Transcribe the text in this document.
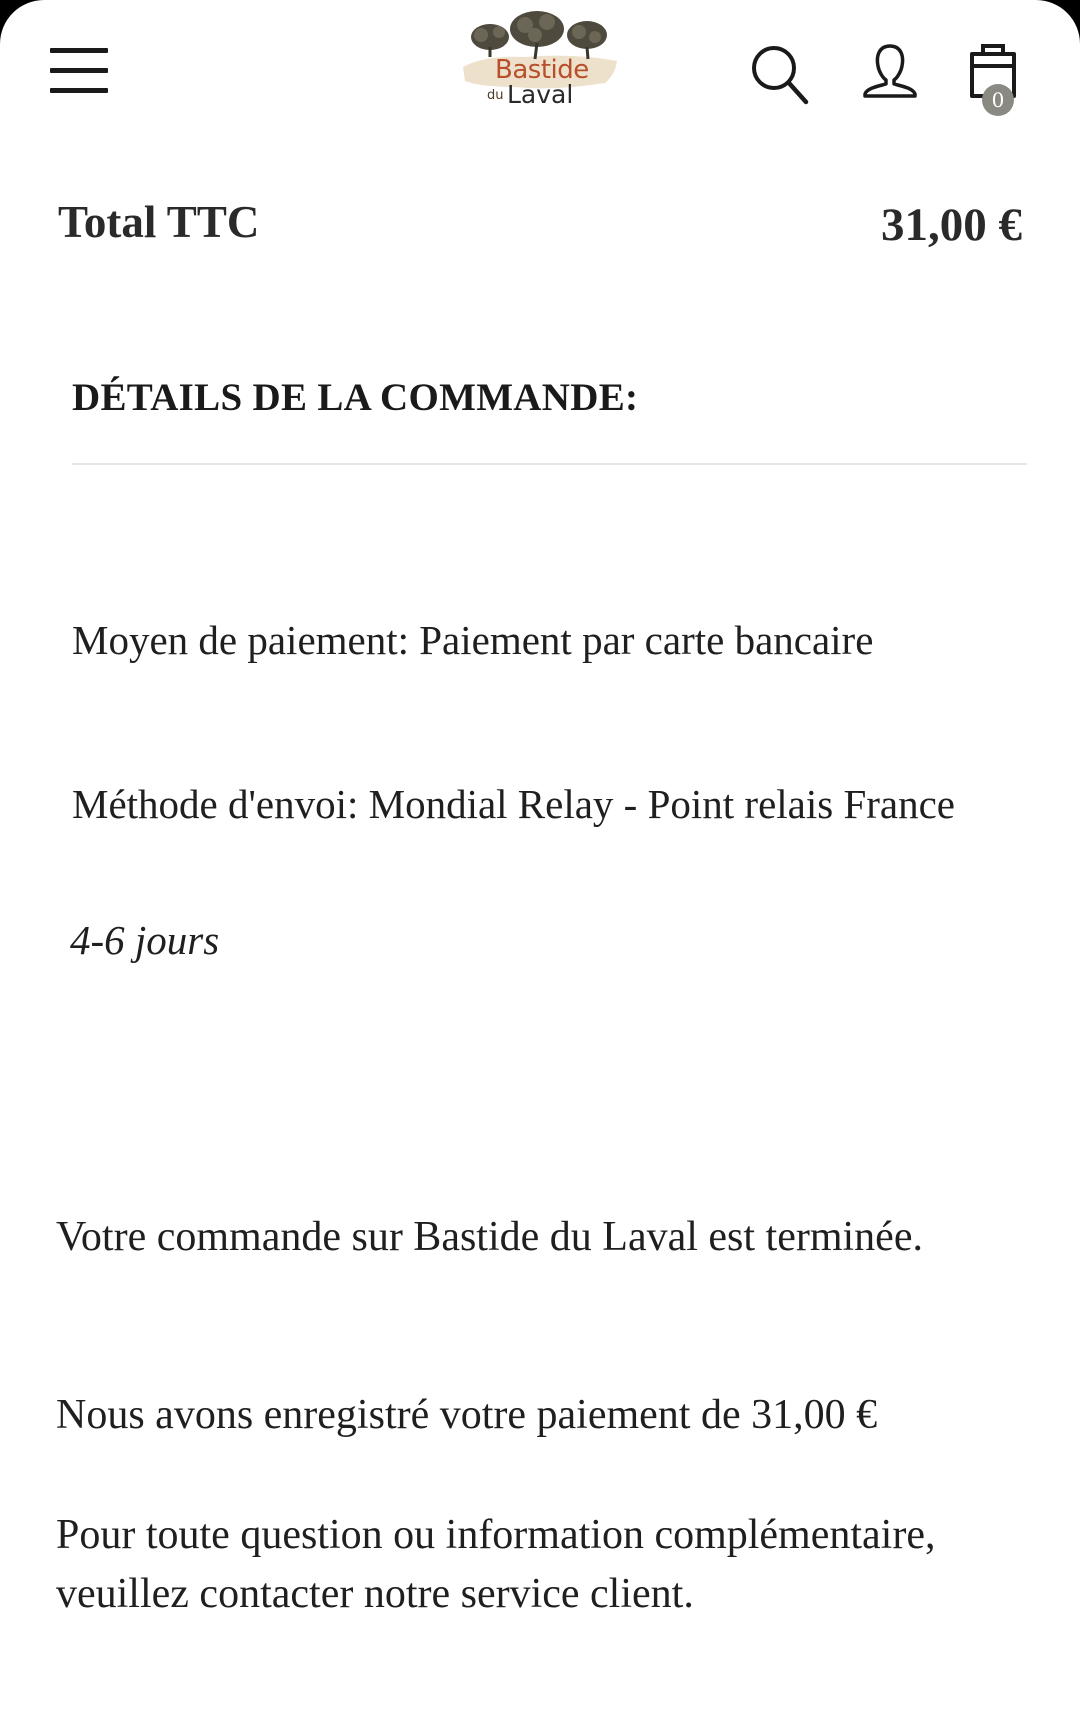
Bastide
du Laval	0
Total TTC	31,00 €
DÉTAILS DE LA COMMANDE:
Moyen de paiement: Paiement par carte bancaire
Méthode d'envoi: Mondial Relay - Point relais France
4-6 jours
Votre commande sur Bastide du Laval est terminée.
Nous avons enregistré votre paiement de 31,00 €
Pour toute question ou information complémentaire, veuillez contacter notre service client.
